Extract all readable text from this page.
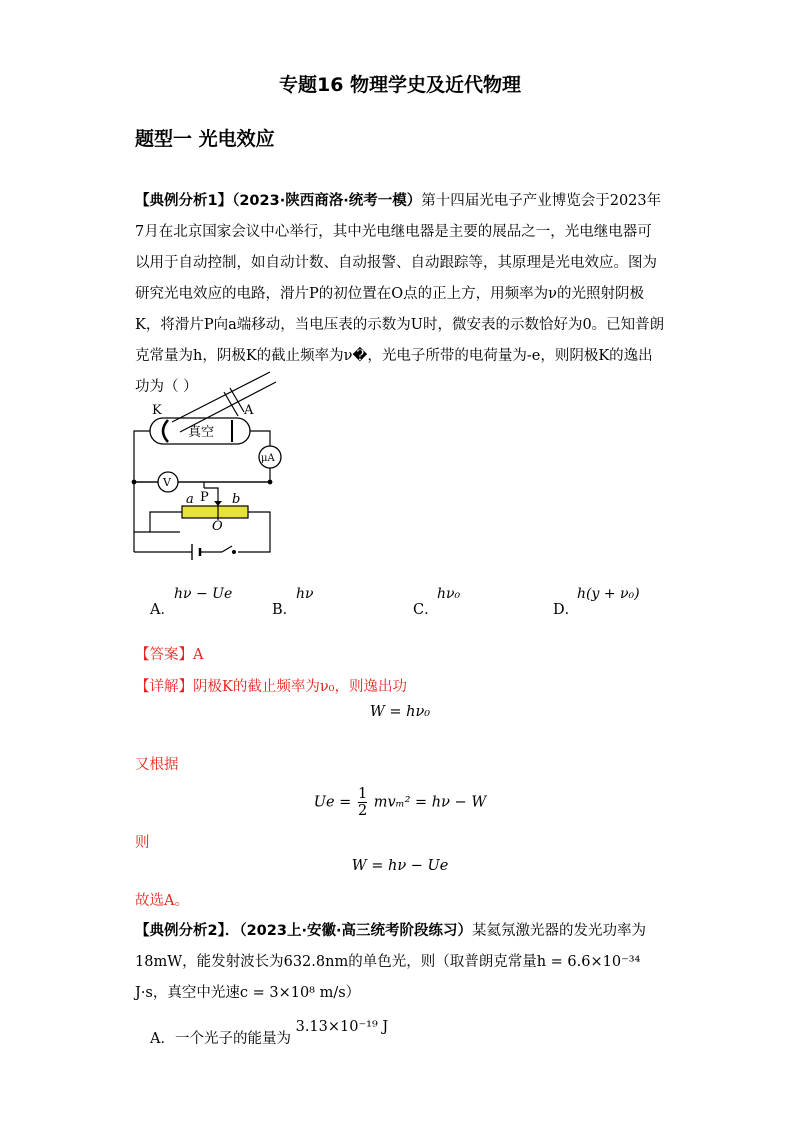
专题16 物理学史及近代物理
题型一 光电效应
【典例分析1】（2023·陕西商洛·统考一模）第十四届光电子产业博览会于2023年7月在北京国家会议中心举行，其中光电继电器是主要的展品之一，光电继电器可以用于自动控制，如自动计数、自动报警、自动跟踪等，其原理是光电效应。图为研究光电效应的电路，滑片P的初位置在O点的正上方，用频率为ν的光照射阴极K，将滑片P向a端移动，当电压表的示数为U时，微安表的示数恰好为0。已知普朗克常量为h，阴极K的截止频率为ν�，光电子所带的电荷量为-e，则阴极K的逸出功为（ ）
K	A
真空
μA
V
P
a	b
O
A．
hν − Ue
B．
hν
C．
hν₀
D．
h(y + ν₀)
【答案】A
【详解】阴极K的截止频率为ν₀，则逸出功
W = hν₀
又根据
$Ue = \frac{1}{2} mv_m^2 = h\nu - W$
则
W = hν − Ue
故选A。
【典例分析2】．（2023上·安徽·高三统考阶段练习）某氦氖激光器的发光功率为18mW，能发射波长为632.8nm的单色光，则（取普朗克常量h = 6.6×10⁻³⁴ J·s，真空中光速c = 3×10⁸ m/s）
A．一个光子的能量为 3.13×10⁻¹⁹ J
